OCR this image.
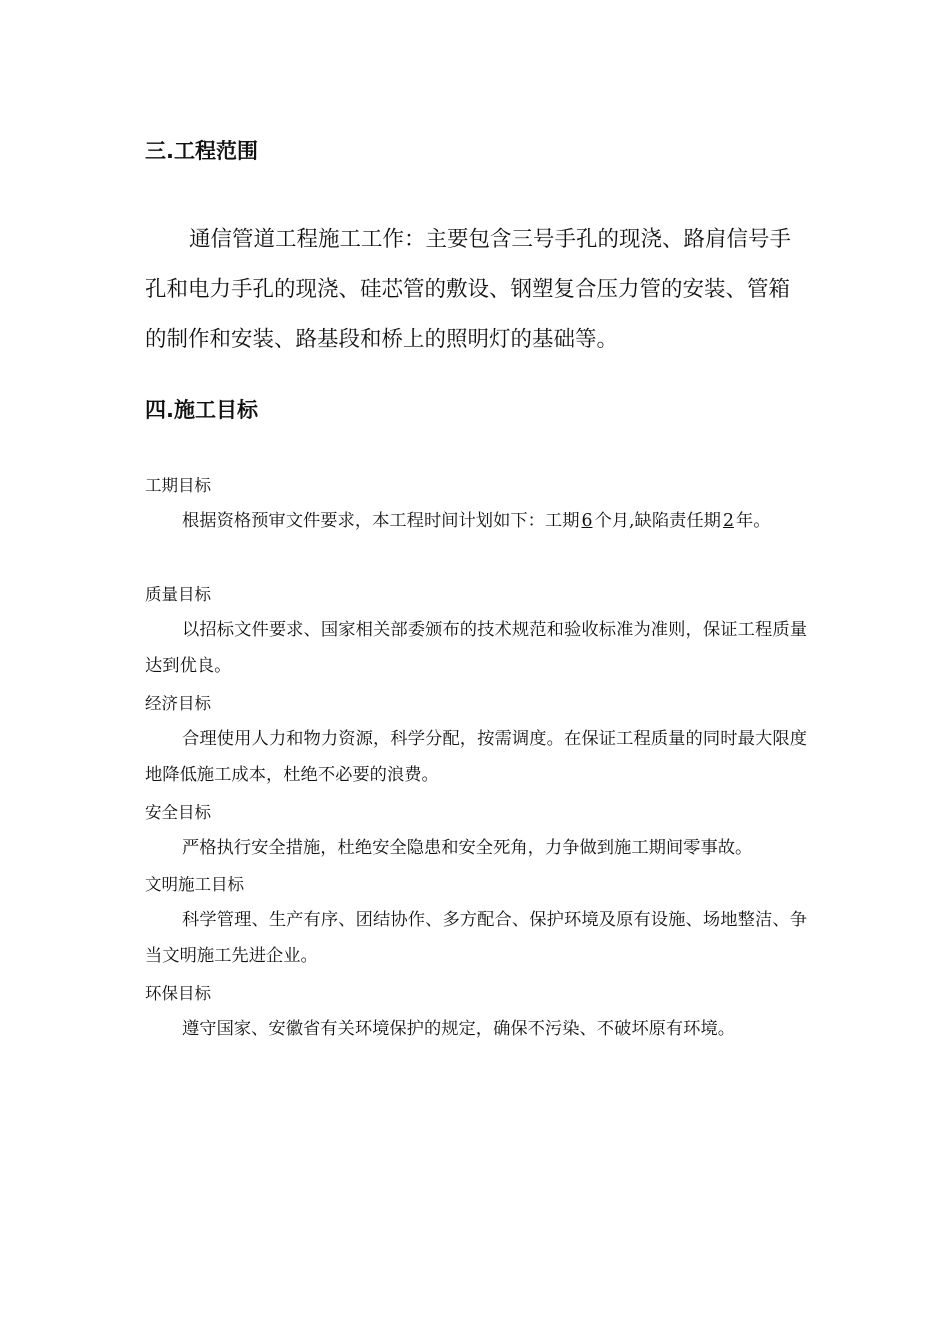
三.工程范围

通信管道工程施工工作：主要包含三号手孔的现浇、路肩信号手孔和电力手孔的现浇、硅芯管的敷设、钢塑复合压力管的安装、管箱的制作和安装、路基段和桥上的照明灯的基础等。

四.施工目标
工期目标

根据资格预审文件要求，本工程时间计划如下：工期 6 个月,缺陷责任期 2 年。

质量目标

以招标文件要求、国家相关部委颁布的技术规范和验收标准为准则，保证工程质量达到优良。

经济目标

合理使用人力和物力资源，科学分配，按需调度。在保证工程质量的同时最大限度地降低施工成本，杜绝不必要的浪费。

安全目标

严格执行安全措施，杜绝安全隐患和安全死角，力争做到施工期间零事故。

文明施工目标

科学管理、生产有序、团结协作、多方配合、保护环境及原有设施、场地整洁、争当文明施工先进企业。

环保目标

遵守国家、安徽省有关环境保护的规定，确保不污染、不破坏原有环境。
